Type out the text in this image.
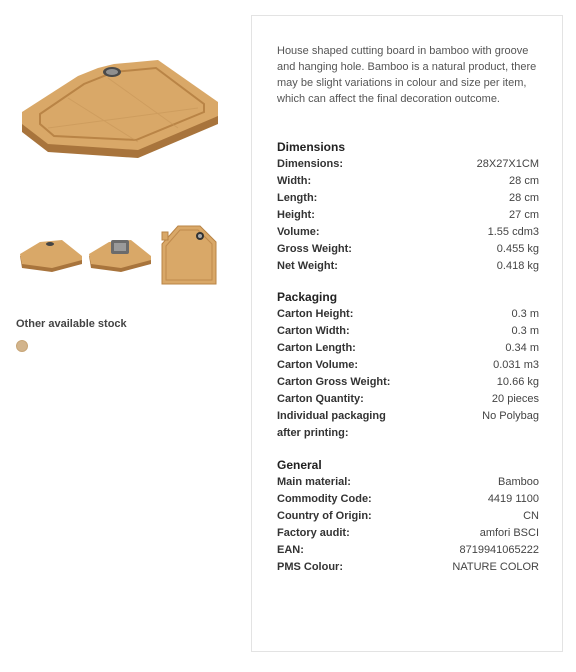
Other available stock
House shaped cutting board in bamboo with groove and hanging hole. Bamboo is a natural product, there may be slight variations in colour and size per item, which can affect the final decoration outcome.
Dimensions
Dimensions:	28X27X1CM
Width:	28 cm
Length:	28 cm
Height:	27 cm
Volume:	1.55 cdm3
Gross Weight:	0.455 kg
Net Weight:	0.418 kg
Packaging
Carton Height:	0.3 m
Carton Width:	0.3 m
Carton Length:	0.34 m
Carton Volume:	0.031 m3
Carton Gross Weight:	10.66 kg
Carton Quantity:	20 pieces
Individual packaging after printing:
No Polybag
General
Main material:	Bamboo
Commodity Code:	4419 1100
Country of Origin:	CN
Factory audit:	amfori BSCI
EAN:	8719941065222
PMS Colour:	NATURE COLOR
